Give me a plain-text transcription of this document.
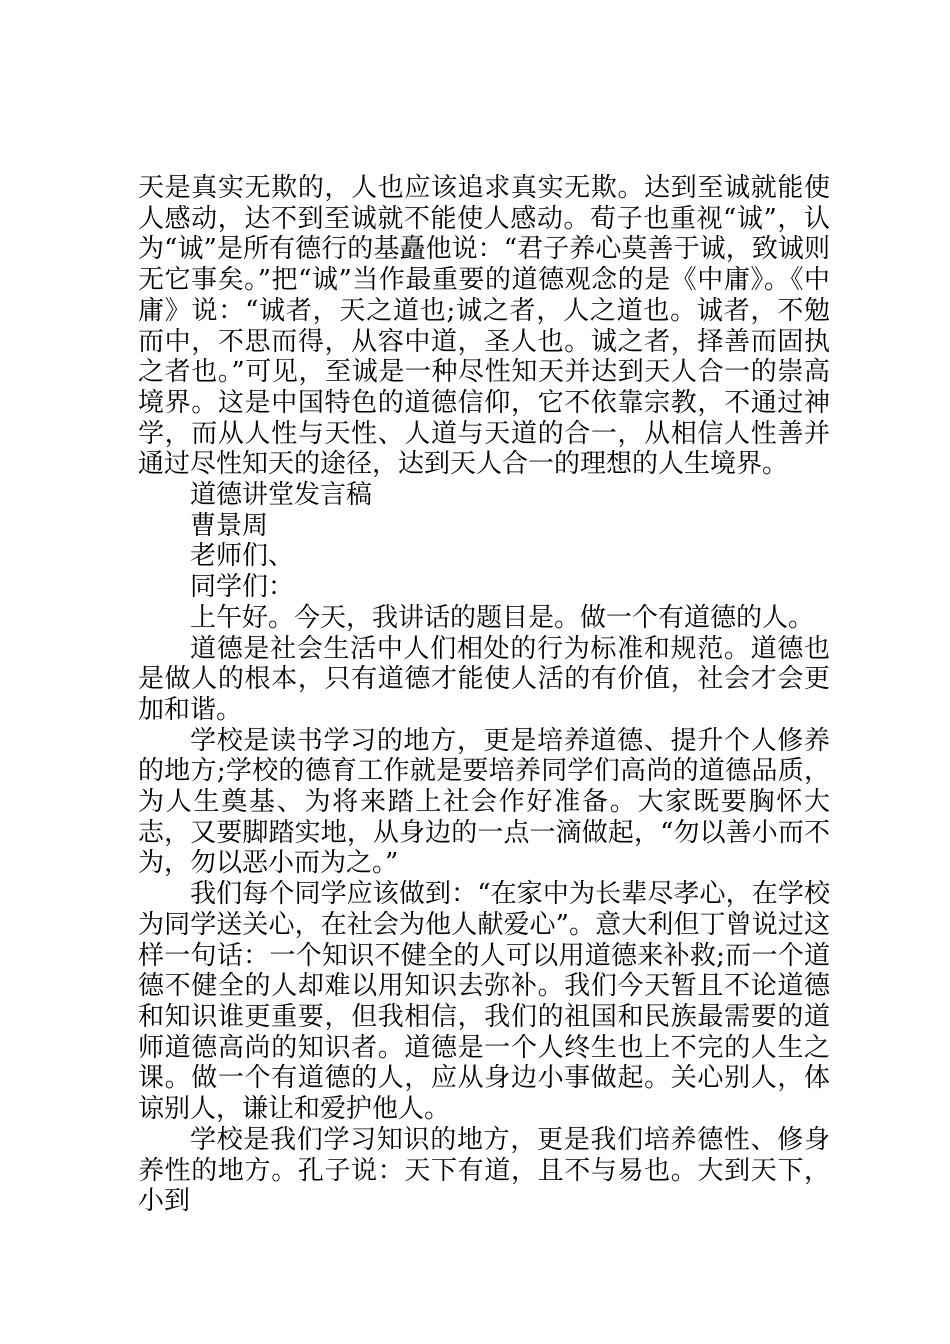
天是真实无欺的，人也应该追求真实无欺。达到至诚就能使人感动，达不到至诚就不能使人感动。荀子也重视“诚”，认为“诚”是所有德行的基矗他说：“君子养心莫善于诚，致诚则无它事矣。”把“诚”当作最重要的道德观念的是《中庸》。《中庸》说：“诚者，天之道也;诚之者，人之道也。诚者，不勉而中，不思而得，从容中道，圣人也。诚之者，择善而固执之者也。”可见，至诚是一种尽性知天并达到天人合一的崇高境界。这是中国特色的道德信仰，它不依靠宗教，不通过神学，而从人性与天性、人道与天道的合一，从相信人性善并通过尽性知天的途径，达到天人合一的理想的人生境界。

道德讲堂发言稿

曹景周

老师们、

同学们：

上午好。今天，我讲话的题目是。做一个有道德的人。

道德是社会生活中人们相处的行为标准和规范。道德也是做人的根本，只有道德才能使人活的有价值，社会才会更加和谐。

学校是读书学习的地方，更是培养道德、提升个人修养的地方;学校的德育工作就是要培养同学们高尚的道德品质，为人生奠基、为将来踏上社会作好准备。大家既要胸怀大志，又要脚踏实地，从身边的一点一滴做起，“勿以善小而不为，勿以恶小而为之。”

我们每个同学应该做到：“在家中为长辈尽孝心，在学校为同学送关心，在社会为他人献爱心”。意大利但丁曾说过这样一句话：一个知识不健全的人可以用道德来补救;而一个道德不健全的人却难以用知识去弥补。我们今天暂且不论道德和知识谁更重要，但我相信，我们的祖国和民族最需要的道师道德高尚的知识者。道德是一个人终生也上不完的人生之课。做一个有道德的人，应从身边小事做起。关心别人，体谅别人，谦让和爱护他人。

学校是我们学习知识的地方，更是我们培养德性、修身养性的地方。孔子说：天下有道，且不与易也。大到天下，小到
